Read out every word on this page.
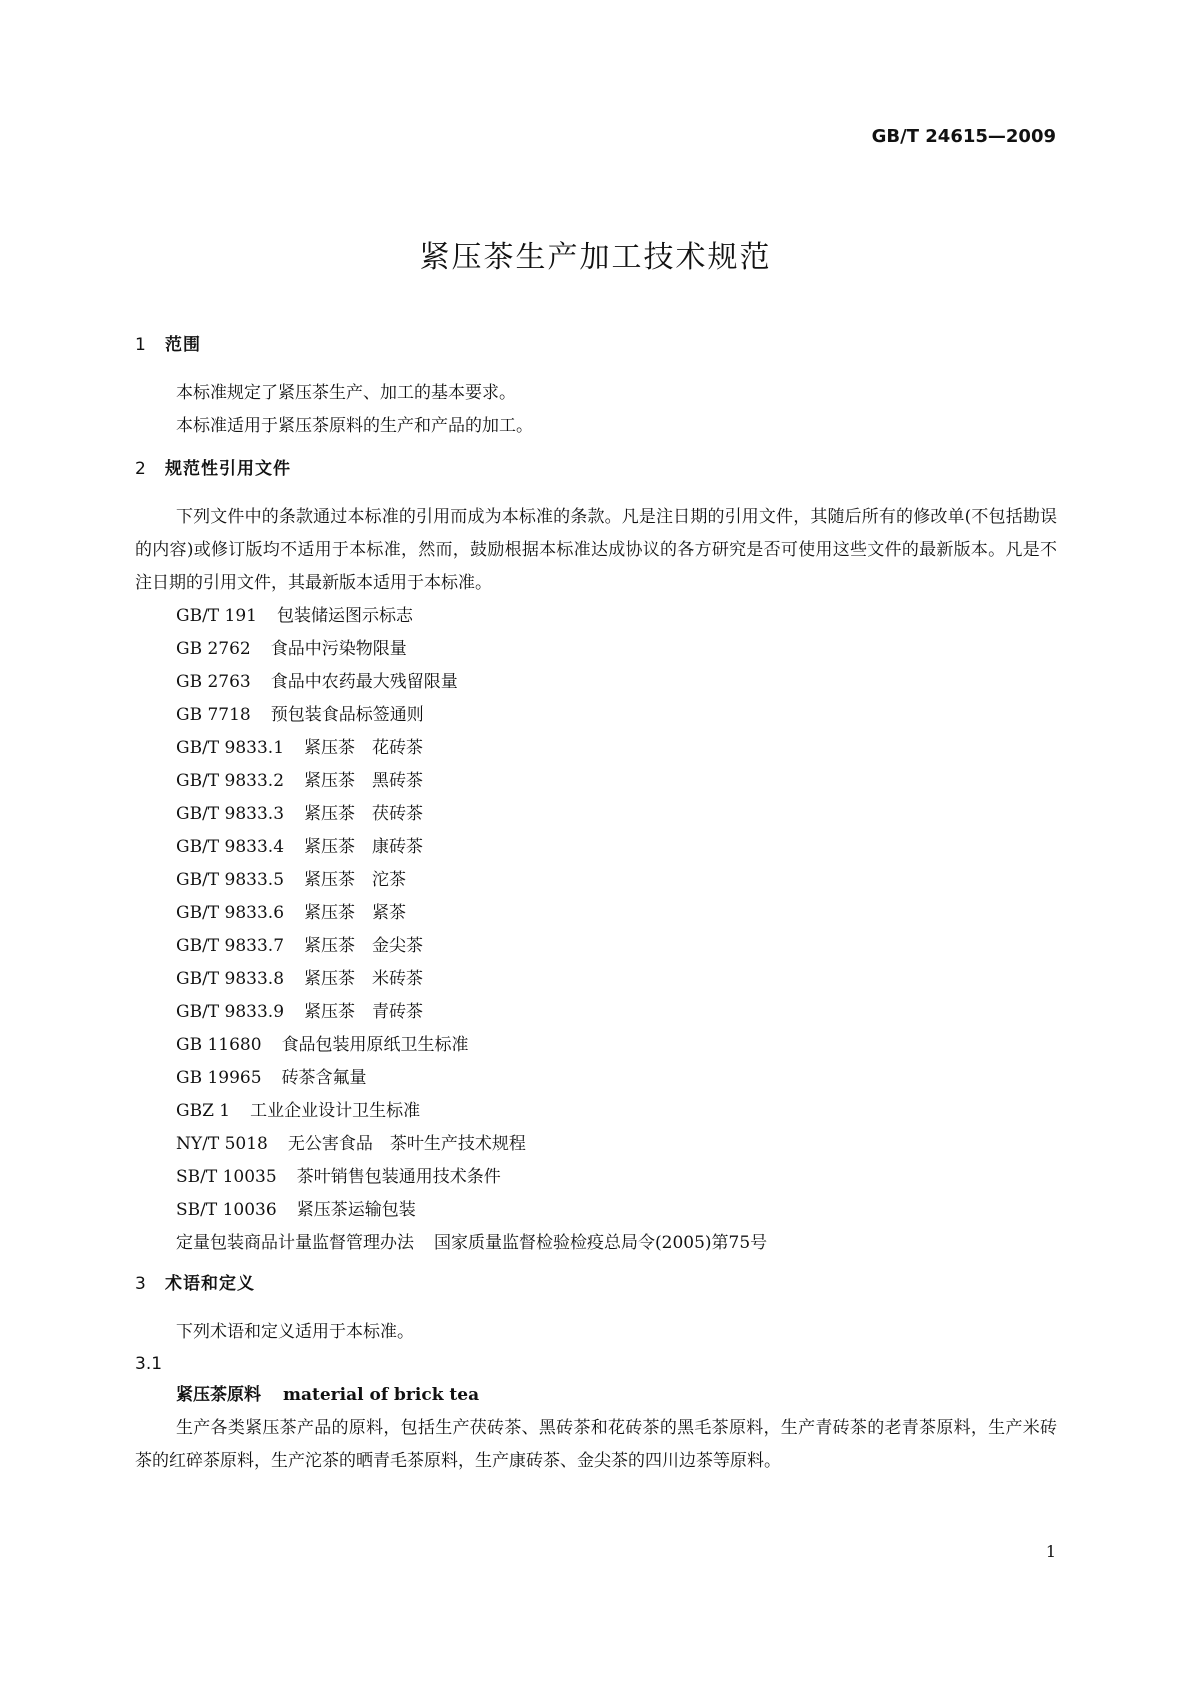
GB/T 24615—2009
紧压茶生产加工技术规范
1 范围
本标准规定了紧压茶生产、加工的基本要求。
本标准适用于紧压茶原料的生产和产品的加工。
2 规范性引用文件
下列文件中的条款通过本标准的引用而成为本标准的条款。凡是注日期的引用文件，其随后所有的修改单(不包括勘误的内容)或修订版均不适用于本标准，然而，鼓励根据本标准达成协议的各方研究是否可使用这些文件的最新版本。凡是不注日期的引用文件，其最新版本适用于本标准。
GB/T 191 包装储运图示标志
GB 2762 食品中污染物限量
GB 2763 食品中农药最大残留限量
GB 7718 预包装食品标签通则
GB/T 9833.1 紧压茶　花砖茶
GB/T 9833.2 紧压茶　黑砖茶
GB/T 9833.3 紧压茶　茯砖茶
GB/T 9833.4 紧压茶　康砖茶
GB/T 9833.5 紧压茶　沱茶
GB/T 9833.6 紧压茶　紧茶
GB/T 9833.7 紧压茶　金尖茶
GB/T 9833.8 紧压茶　米砖茶
GB/T 9833.9 紧压茶　青砖茶
GB 11680 食品包装用原纸卫生标准
GB 19965 砖茶含氟量
GBZ 1 工业企业设计卫生标准
NY/T 5018 无公害食品　茶叶生产技术规程
SB/T 10035 茶叶销售包装通用技术条件
SB/T 10036 紧压茶运输包装
定量包装商品计量监督管理办法 国家质量监督检验检疫总局令(2005)第75号
3 术语和定义
下列术语和定义适用于本标准。
3.1
紧压茶原料 material of brick tea
生产各类紧压茶产品的原料，包括生产茯砖茶、黑砖茶和花砖茶的黑毛茶原料，生产青砖茶的老青茶原料，生产米砖茶的红碎茶原料，生产沱茶的晒青毛茶原料，生产康砖茶、金尖茶的四川边茶等原料。
1
